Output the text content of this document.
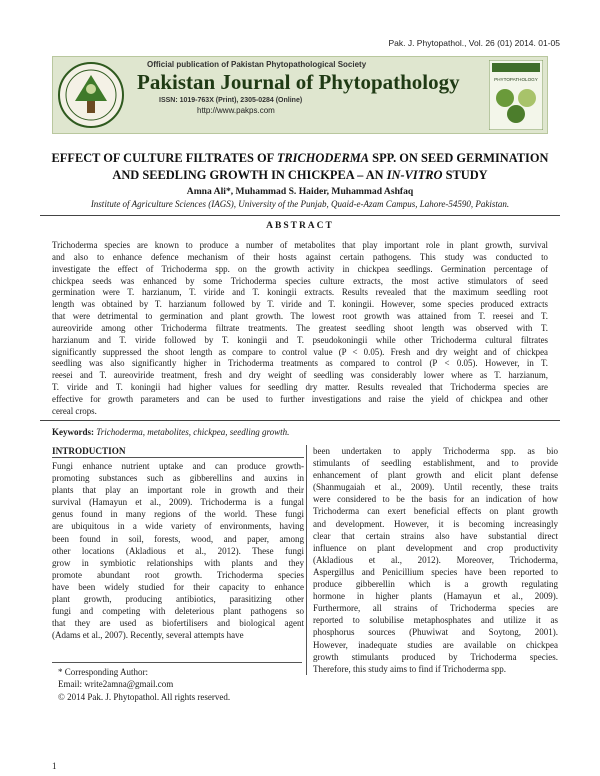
Pak. J. Phytopathol., Vol. 26 (01) 2014. 01-05
Official publication of Pakistan Phytopathological Society
Pakistan Journal of Phytopathology
ISSN: 1019-763X (Print), 2305-0284 (Online)
http://www.pakps.com
PHYTOPATHOLOGY
EFFECT OF CULTURE FILTRATES OF TRICHODERMA SPP. ON SEED GERMINATION
AND SEEDLING GROWTH IN CHICKPEA – AN IN-VITRO STUDY
Amna Ali*, Muhammad S. Haider, Muhammad Ashfaq
Institute of Agriculture Sciences (IAGS), University of the Punjab, Quaid-e-Azam Campus, Lahore-54590, Pakistan.
ABSTRACT
Trichoderma species are known to produce a number of metabolites that play important role in plant growth, survival
and also to enhance defence mechanism of their hosts against certain pathogens. This study was conducted to
investigate the effect of Trichoderma spp. on the growth activity in chickpea seedlings. Germination percentage of
chickpea seeds was enhanced by some Trichoderma species culture extracts, the most active stimulators of seed
germination were T. harzianum, T. viride and T. koningii extracts. Results revealed that the maximum seedling root
length was obtained by T. harzianum followed by T. viride and T. koningii. However, some species produced extracts
that were detrimental to germination and plant growth. The lowest root growth was attained from T. reesei and T.
aureoviride among other Trichoderma filtrate treatments. The greatest seedling shoot length was observed with T.
harzianum and T. viride followed by T. koningii and T. pseudokoningii while other Trichoderma cultural filtrates
significantly suppressed the shoot length as compare to control value (P < 0.05). Fresh and dry weight and of chickpea
seedling was also significantly higher in Trichoderma treatments as compared to control (P < 0.05). However, in T.
reesei and T. aureoviride treatment, fresh and dry weight of seedling was considerably lower where as T. harzianum,
T. viride and T. koningii had higher values for seedling dry matter. Results revealed that Trichoderma species are
effective for growth parameters and can be used to further investigations and raise the yield of chickpea and other
cereal crops.
Keywords: Trichoderma, metabolites, chickpea, seedling growth.
INTRODUCTION
Fungi enhance nutrient uptake and can produce growth-
promoting substances such as gibberellins and auxins in
plants that play an important role in growth and their
survival (Hamayun et al., 2009). Trichoderma is a fungal
genus found in many regions of the world. These fungi
are ubiquitous in a wide variety of environments, having
been found in soil, forests, wood, and paper, among
other locations (Akladious et al., 2012). These fungi
grow in symbiotic relationships with plants and they
promote abundant root growth. Trichoderma species
have been widely studied for their capacity to enhance
plant growth, producing antibiotics, parasitizing other
fungi and competing with deleterious plant pathogens so
that they are used as biofertilisers and biological agent
(Adams et al., 2007). Recently, several attempts have
been undertaken to apply Trichoderma spp. as bio
stimulants of seedling establishment, and to provide
enhancement of plant growth and elicit plant defense
(Shanmugaiah et al., 2009). Until recently, these traits
were considered to be the basis for an indication of how
Trichoderma can exert beneficial effects on plant growth
and development. However, it is becoming increasingly
clear that certain strains also have substantial direct
influence on plant development and crop productivity
(Akladious et al., 2012). Moreover, Trichoderma,
Aspergillus and Penicillium species have been reported to
produce gibberellin which is a growth regulating
hormone in higher plants (Hamayun et al., 2009).
Furthermore, all strains of Trichoderma species are
reported to solubilise metaphosphates and utilize it as
phosphorus sources (Phuwiwat and Soytong, 2001).
However, inadequate studies are available on chickpea
growth stimulants produced by Trichoderma species.
Therefore, this study aims to find if Trichoderma spp.
* Corresponding Author:
Email: write2amna@gmail.com
© 2014 Pak. J. Phytopathol. All rights reserved.
1
